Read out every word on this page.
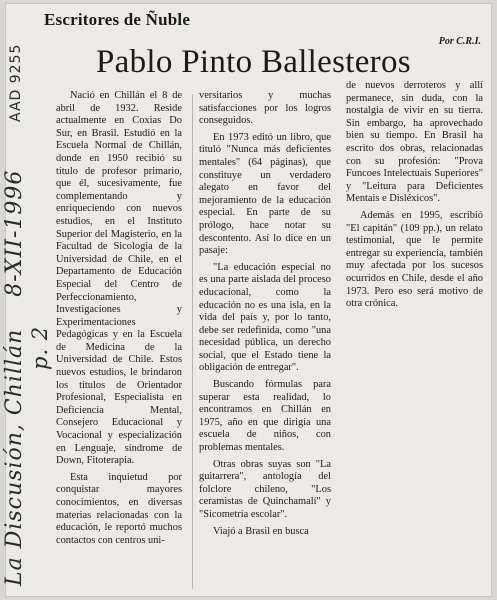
Escritores de Ñuble
Por C.R.I.
Pablo Pinto Ballesteros

Nació en Chillán el 8 de abril de 1932. Reside actualmente en Coxias Do Sur, en Brasil. Estudió en la Escuela Normal de Chillán, donde en 1950 recibió su título de profesor primario, que él, sucesivamente, fue complementando y enriqueciendo con nuevos estudios, en el Instituto Superior del Magisterio, en la Facultad de Sicología de la Universidad de Chile, en el Departamento de Educación Especial del Centro de Perfeccionamiento, Investigaciones y Experimentaciones Pedagógicas y en la Escuela de Medicina de la Universidad de Chile. Estos nuevos estudios, le brindaron los títulos de Orientador Profesional, Especialista en Deficiencia Mental, Consejero Educacional y Vocacional y especialización en Lenguaje, síndrome de Down, Fitoterapia.

Esta inquietud por conquistar mayores conocimientos, en diversas materias relacionadas con la educación, le reportó muchos contactos con centros uni-

versitarios y muchas satisfacciones por los logros conseguidos.

En 1973 editó un libro, que tituló "Nunca más deficientes mentales" (64 páginas), que constituye un verdadero alegato en favor del mejoramiento de la educación especial. En parte de su prólogo, hace notar su descontento. Así lo dice en un pasaje:

"La educación especial no es una parte aislada del proceso educacional, como la educación no es una isla, en la vida del país y, por lo tanto, debe ser redefinida, como "una necesidad pública, un derecho social, que el Estado tiene la obligación de entregar".

Buscando fórmulas para superar esta realidad, lo encontramos en Chillán en 1975, año en que dirigía una escuela de niños, con problemas mentales.

Otras obras suyas son "La guitarrera", antología del folclore chileno, "Los ceramistas de Quinchamalí" y "Sicometría escolar".

Viajó a Brasil en busca

de nuevos derroteros y allí permanece, sin duda, con la nostalgia de vivir en su tierra. Sin embargo, ha aprovechado bien su tiempo. En Brasil ha escrito dos obras, relacionadas con su profesión: "Prova Funcoes Intelectuais Superiores" y "Leitura para Deficientes Mentais e Disléxicos".

Además en 1995, escribió "El capitán" (109 pp.), un relato testimonial, que le permite entregar su experiencia, también muy afectada por los sucesos ocurridos en Chile, desde el año 1973. Pero eso será motivo de otra crónica.

La Discusión, Chillán    8-XII-1996
p. 2
AAD 9255
